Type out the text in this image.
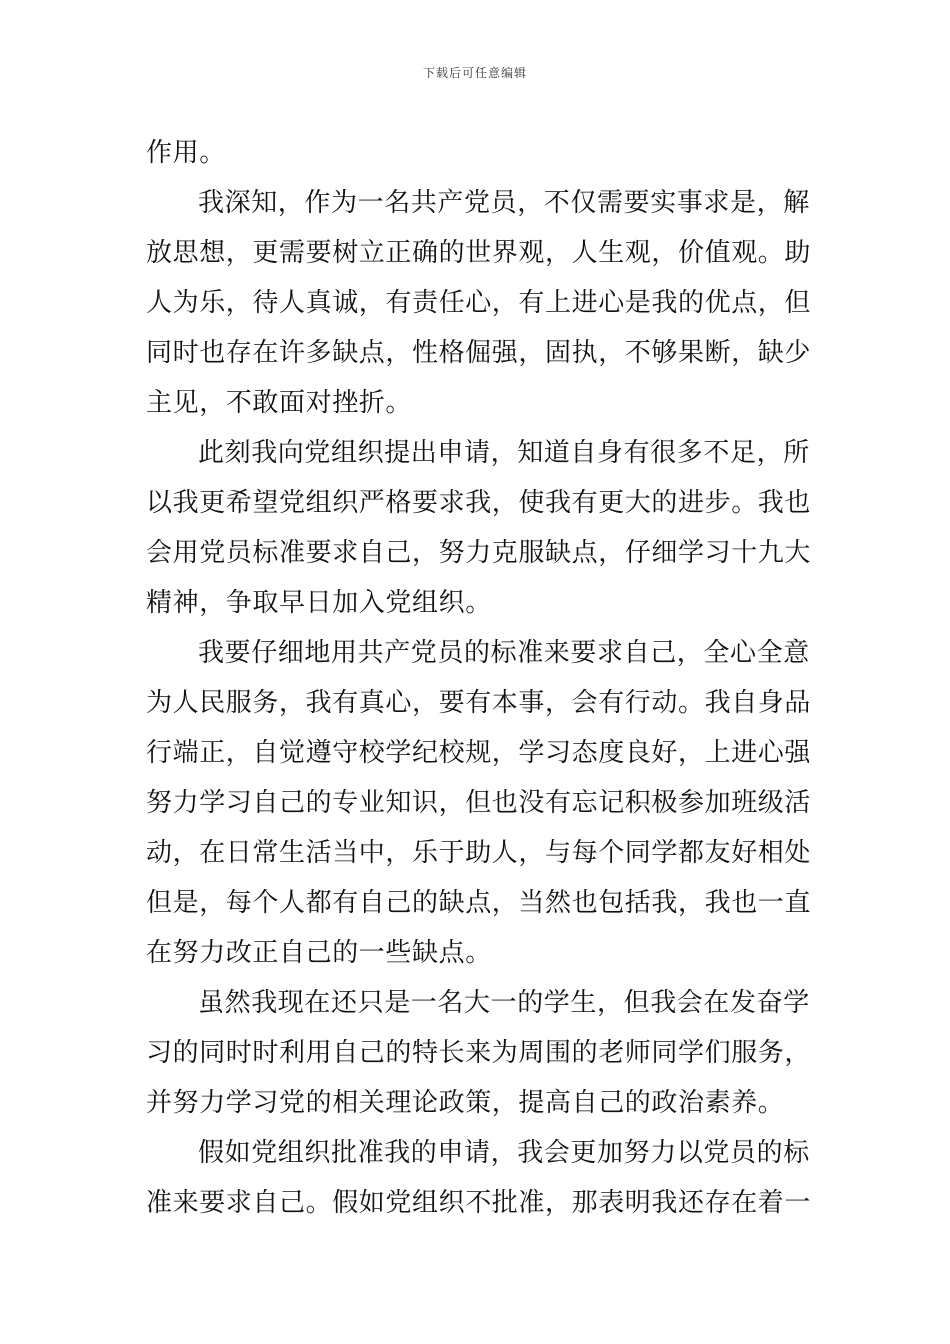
下载后可任意编辑
作用。
我深知，作为一名共产党员，不仅需要实事求是，解
放思想，更需要树立正确的世界观，人生观，价值观。助
人为乐，待人真诚，有责任心，有上进心是我的优点，但
同时也存在许多缺点，性格倔强，固执，不够果断，缺少
主见，不敢面对挫折。
此刻我向党组织提出申请，知道自身有很多不足，所
以我更希望党组织严格要求我，使我有更大的进步。我也
会用党员标准要求自己，努力克服缺点，仔细学习十九大
精神，争取早日加入党组织。
我要仔细地用共产党员的标准来要求自己，全心全意
为人民服务，我有真心，要有本事，会有行动。我自身品
行端正，自觉遵守校学纪校规，学习态度良好，上进心强
努力学习自己的专业知识，但也没有忘记积极参加班级活
动，在日常生活当中，乐于助人，与每个同学都友好相处
但是，每个人都有自己的缺点，当然也包括我，我也一直
在努力改正自己的一些缺点。
虽然我现在还只是一名大一的学生，但我会在发奋学
习的同时时利用自己的特长来为周围的老师同学们服务，
并努力学习党的相关理论政策，提高自己的政治素养。
假如党组织批准我的申请，我会更加努力以党员的标
准来要求自己。假如党组织不批准，那表明我还存在着一
